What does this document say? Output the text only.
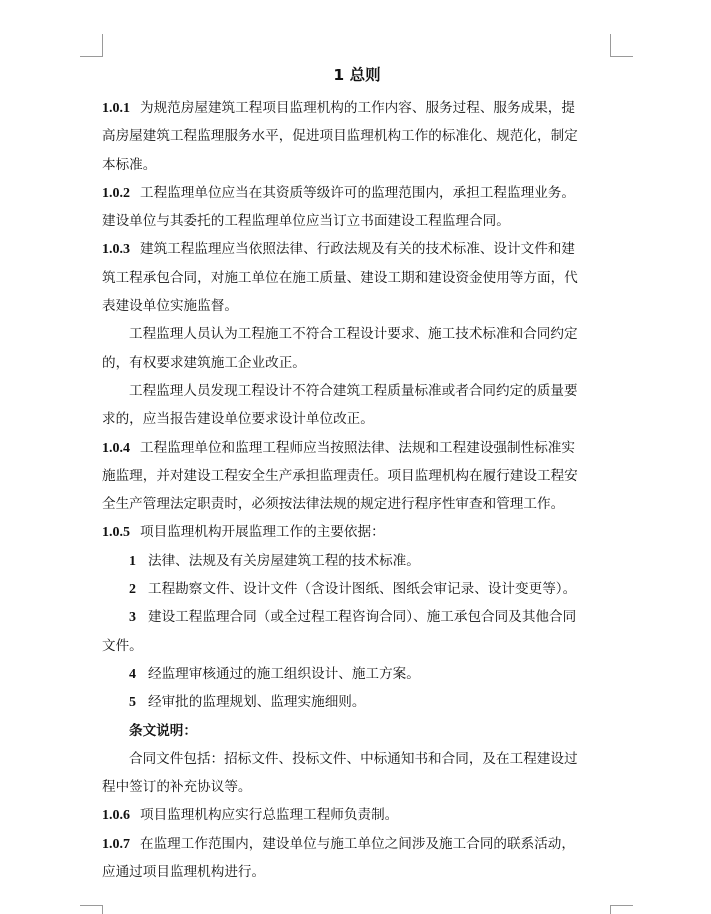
1 总则
1.0.1 为规范房屋建筑工程项目监理机构的工作内容、服务过程、服务成果，提
高房屋建筑工程监理服务水平，促进项目监理机构工作的标准化、规范化，制定
本标准。
1.0.2 工程监理单位应当在其资质等级许可的监理范围内，承担工程监理业务。
建设单位与其委托的工程监理单位应当订立书面建设工程监理合同。
1.0.3 建筑工程监理应当依照法律、行政法规及有关的技术标准、设计文件和建
筑工程承包合同，对施工单位在施工质量、建设工期和建设资金使用等方面，代
表建设单位实施监督。
工程监理人员认为工程施工不符合工程设计要求、施工技术标准和合同约定
的，有权要求建筑施工企业改正。
工程监理人员发现工程设计不符合建筑工程质量标准或者合同约定的质量要
求的，应当报告建设单位要求设计单位改正。
1.0.4 工程监理单位和监理工程师应当按照法律、法规和工程建设强制性标准实
施监理，并对建设工程安全生产承担监理责任。项目监理机构在履行建设工程安
全生产管理法定职责时，必须按法律法规的规定进行程序性审查和管理工作。
1.0.5 项目监理机构开展监理工作的主要依据：
1 法律、法规及有关房屋建筑工程的技术标准。
2 工程勘察文件、设计文件（含设计图纸、图纸会审记录、设计变更等）。
3 建设工程监理合同（或全过程工程咨询合同）、施工承包合同及其他合同
文件。
4 经监理审核通过的施工组织设计、施工方案。
5 经审批的监理规划、监理实施细则。
条文说明：
合同文件包括：招标文件、投标文件、中标通知书和合同，及在工程建设过
程中签订的补充协议等。
1.0.6 项目监理机构应实行总监理工程师负责制。
1.0.7 在监理工作范围内，建设单位与施工单位之间涉及施工合同的联系活动，
应通过项目监理机构进行。
